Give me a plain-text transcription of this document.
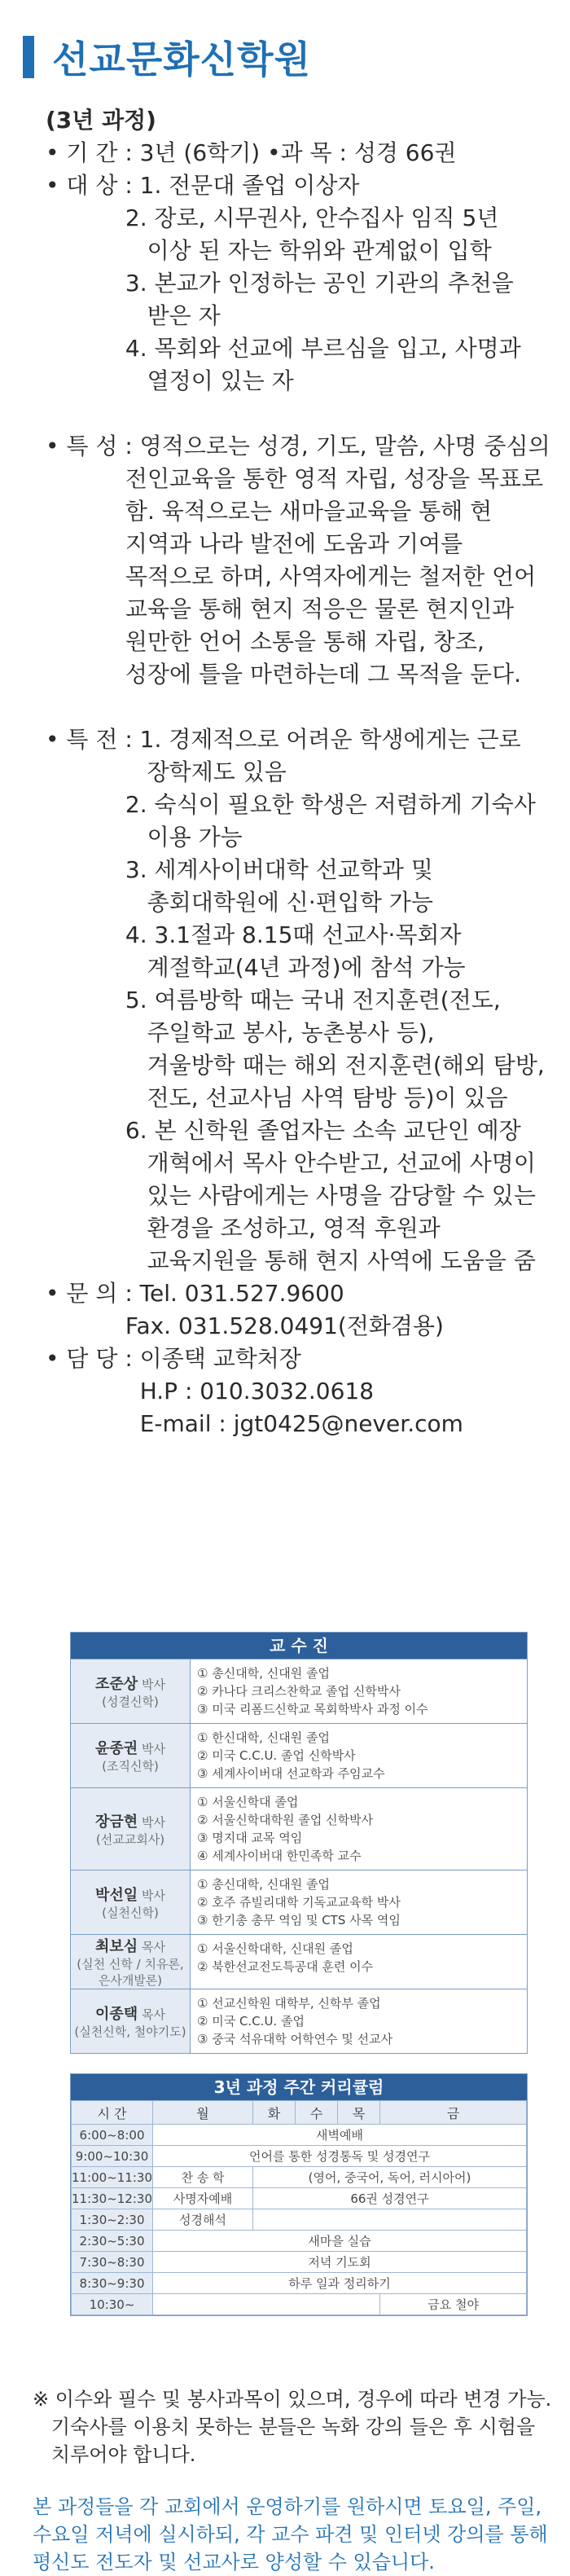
선교문화신학원
(3년 과정)
• 기 간 : 3년 (6학기) •과 목 : 성경 66권
• 대 상 : 1. 전문대 졸업 이상자
2. 장로, 시무권사, 안수집사 임직 5년
이상 된 자는 학위와 관계없이 입학
3. 본교가 인정하는 공인 기관의 추천을
받은 자
4. 목회와 선교에 부르심을 입고, 사명과
열정이 있는 자
• 특 성 : 영적으로는 성경, 기도, 말씀, 사명 중심의
전인교육을 통한 영적 자립, 성장을 목표로
함. 육적으로는 새마을교육을 통해 현
지역과 나라 발전에 도움과 기여를
목적으로 하며, 사역자에게는 철저한 언어
교육을 통해 현지 적응은 물론 현지인과
원만한 언어 소통을 통해 자립, 창조,
성장에 틀을 마련하는데 그 목적을 둔다.
• 특 전 : 1. 경제적으로 어려운 학생에게는 근로
장학제도 있음
2. 숙식이 필요한 학생은 저렴하게 기숙사
이용 가능
3. 세계사이버대학 선교학과 및
총회대학원에 신·편입학 가능
4. 3.1절과 8.15때 선교사·목회자
계절학교(4년 과정)에 참석 가능
5. 여름방학 때는 국내 전지훈련(전도,
주일학교 봉사, 농촌봉사 등),
겨울방학 때는 해외 전지훈련(해외 탐방,
전도, 선교사님 사역 탐방 등)이 있음
6. 본 신학원 졸업자는 소속 교단인 예장
개혁에서 목사 안수받고, 선교에 사명이
있는 사람에게는 사명을 감당할 수 있는
환경을 조성하고, 영적 후원과
교육지원을 통해 현지 사역에 도움을 줌
• 문 의 : Tel. 031.527.9600
Fax. 031.528.0491(전화겸용)
• 담 당 : 이종택 교학처장
H.P : 010.3032.0618
E-mail : jgt0425@never.com
교 수 진
조준상 박사
(성결신학)
① 총신대학, 신대원 졸업
② 카나다 크리스찬학교 졸업 신학박사
③ 미국 리폼드신학교 목회학박사 과정 이수
윤종권 박사
(조직신학)
① 한신대학, 신대원 졸업
② 미국 C.C.U. 졸업 신학박사
③ 세계사이버대 선교학과 주임교수
장금현 박사
(선교교회사)
① 서울신학대 졸업
② 서울신학대학원 졸업 신학박사
③ 명지대 교목 역임
④ 세계사이버대 한민족학 교수
박선일 박사
(실천신학)
① 총신대학, 신대원 졸업
② 호주 쥬빌리대학 기독교교육학 박사
③ 한기총 총무 역임 및 CTS 사목 역임
최보심 목사
(실천 신학 / 치유론, 은사개발론)
① 서울신학대학, 신대원 졸업
② 북한선교전도특공대 훈련 이수
이종택 목사
(실천신학, 철야기도)
① 선교신학원 대학부, 신학부 졸업
② 미국 C.C.U. 졸업
③ 중국 석유대학 어학연수 및 선교사
3년 과정 주간 커리큘럼
시 간	월	화	수	목	금
6:00~8:00	새벽예배				
9:00~10:30	언어를 통한 성경통독 및 성경연구				
11:00~11:30	찬 송 학	(영어, 중국어, 독어, 러시아어)			
11:30~12:30	사명자예배	66권 성경연구			
1:30~2:30	성경해석				
2:30~5:30	새마을 실습				
7:30~8:30	저녁 기도회				
8:30~9:30	하루 일과 정리하기				
10:30~					금요 철야
※ 이수와 필수 및 봉사과목이 있으며, 경우에 따라 변경 가능.
기숙사를 이용치 못하는 분들은 녹화 강의 들은 후 시험을
치루어야 합니다.
본 과정들을 각 교회에서 운영하기를 원하시면 토요일, 주일,
수요일 저녁에 실시하되, 각 교수 파견 및 인터넷 강의를 통해
평신도 전도자 및 선교사로 양성할 수 있습니다.
